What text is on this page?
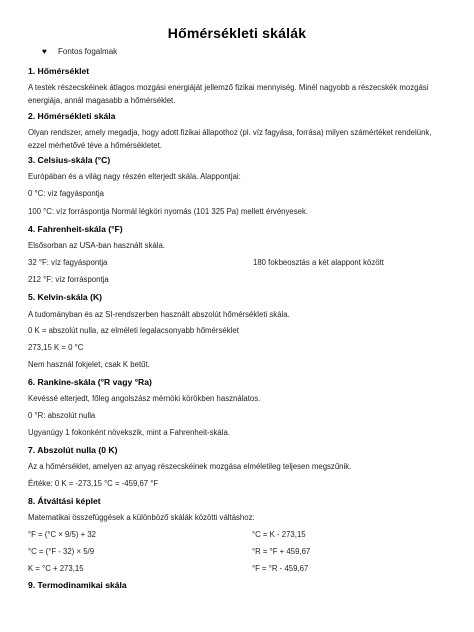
Hőmérsékleti skálák
♥ Fontos fogalmak
1. Hőmérséklet
A testek részecskéinek átlagos mozgási energiáját jellemző fizikai mennyiség. Minél nagyobb a részecskék mozgási energiája, annál magasabb a hőmérséklet.
2. Hőmérsékleti skála
Olyan rendszer, amely megadja, hogy adott fizikai állapothoz (pl. víz fagyása, forrása) milyen számértéket rendelünk, ezzel mérhetővé téve a hőmérsékletet.
3. Celsius-skála (°C)
Európában és a világ nagy részén elterjedt skála. Alappontjai:
0 °C: víz fagyáspontja
100 °C: víz forráspontja Normál légköri nyomás (101 325 Pa) mellett érvényesek.
4. Fahrenheit-skála (°F)
Elsősorban az USA-ban használt skála.
32 °F: víz fagyáspontja	180 fokbeosztás a két alappont között
212 °F: víz forráspontja
5. Kelvin-skála (K)
A tudományban és az SI-rendszerben használt abszolút hőmérsékleti skála.
0 K = abszolút nulla, az elméleti legalacsonyabb hőmérséklet
273,15 K = 0 °C
Nem használ fokjelet, csak K betűt.
6. Rankine-skála (°R vagy °Ra)
Kevéssé elterjedt, főleg angolszász mérnöki körökben használatos.
0 °R: abszolút nulla
Ugyanúgy 1 fokonként növekszik, mint a Fahrenheit-skála.
7. Abszolút nulla (0 K)
Az a hőmérséklet, amelyen az anyag részecskéinek mozgása elméletileg teljesen megszűnik.
Értéke: 0 K = -273,15 °C = -459,67 °F
8. Átváltási képlet
Matematikai összefüggések a különböző skálák közötti váltáshoz:
°F = (°C × 9/5) + 32	°C = K - 273,15
°C = (°F - 32) × 5/9	°R = °F + 459,67
K = °C + 273,15	°F = °R - 459,67
9. Termodinamikai skála
